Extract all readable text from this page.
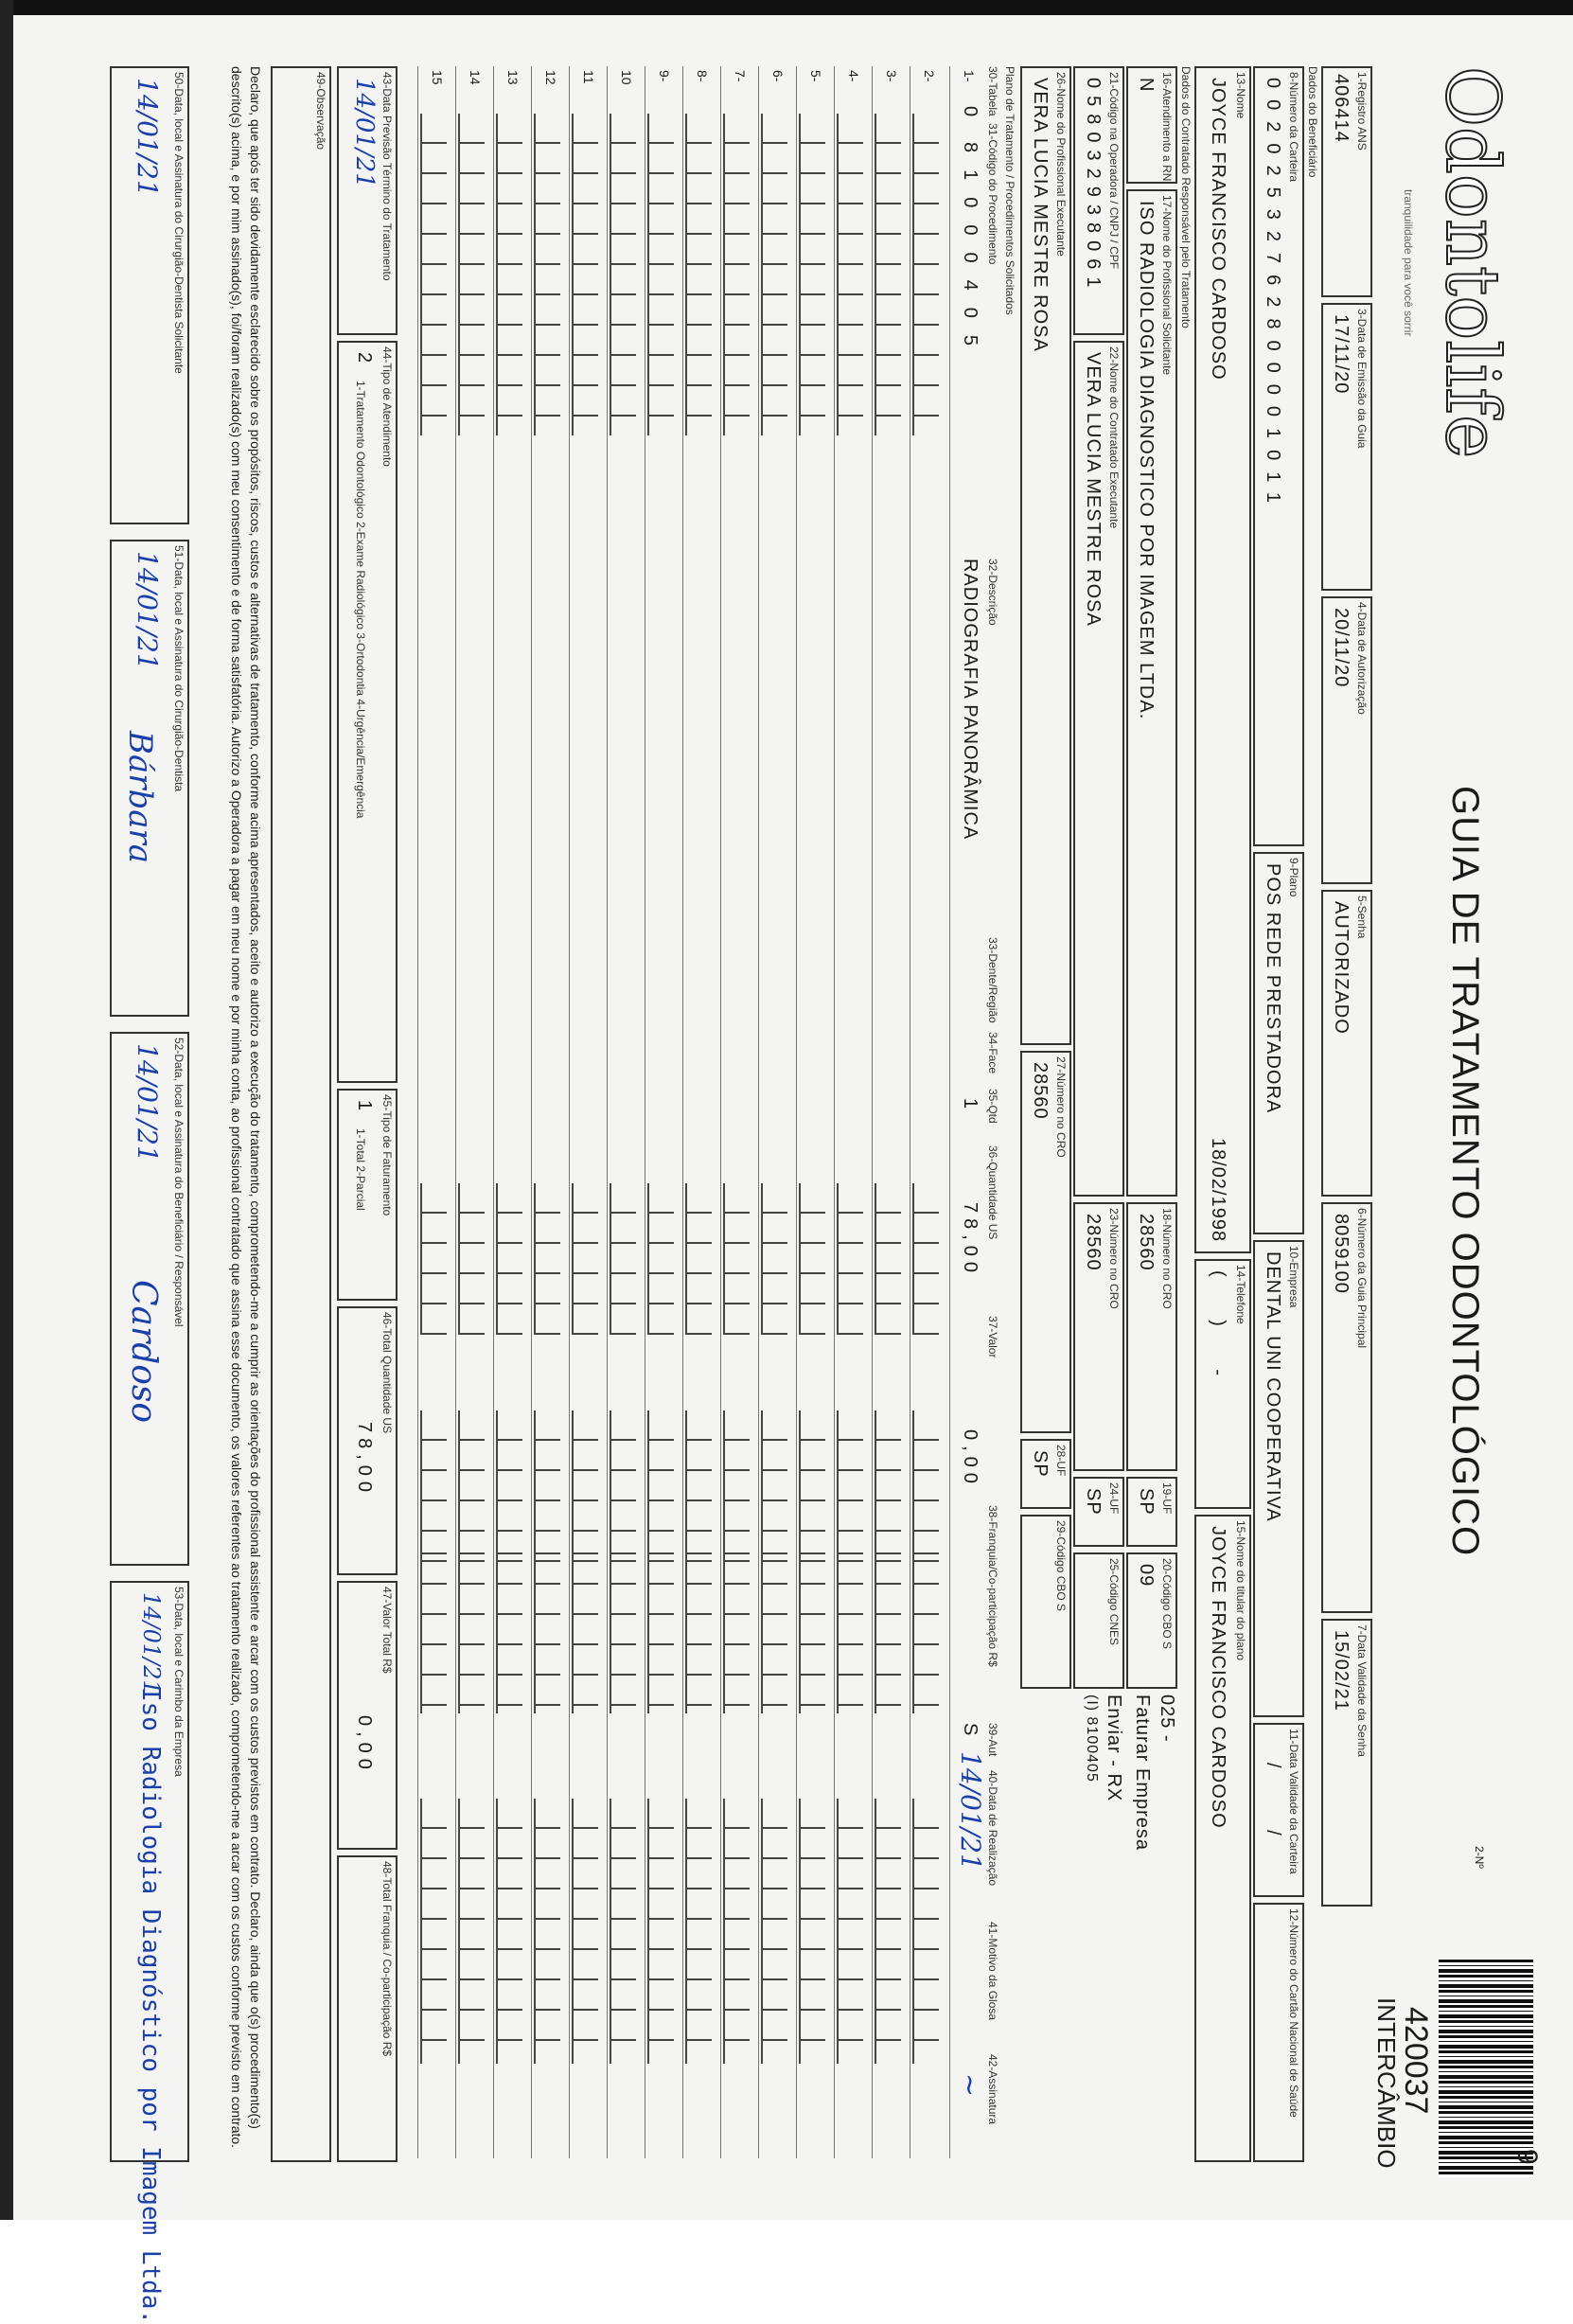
Odontolife
tranquilidade para você sorrir
GUIA DE TRATAMENTO ODONTOLÓGICO
2-Nº
420037
INTERCÂMBIO
1-Registro ANS
406414
3-Data de Emissão da Guia
17/11/20
4-Data de Autorização
20/11/20
5-Senha
AUTORIZADO
6-Número da Guia Principal
8059100
7-Data Validade da Senha
15/02/21
Dados do Beneficiário
8-Número da Carteira
00202532762800001011
9-Plano
POS REDE PRESTADORA
10-Empresa
DENTAL UNI COOPERATIVA
11-Data Validade da Carteira
/ /
12-Número do Cartão Nacional de Saúde
13-Nome
JOYCE FRANCISCO CARDOSO
18/02/1998
14-Telefone
( ) -
15-Nome do titular do plano
JOYCE FRANCISCO CARDOSO
Dados do Contratado Responsável pelo Tratamento
16-Atendimento a RN
N
17-Nome do Profissional Solicitante
ISO RADIOLOGIA DIAGNOSTICO POR IMAGEM LTDA.
18-Número no CRO
28560
19-UF
SP
20-Código CBO S
09
025 -
Faturar Empresa
21-Código na Operadora / CNPJ / CPF
058032938061
22-Nome do Contratado Executante
VERA LUCIA MESTRE ROSA
23-Número no CRO
28560
24-UF
SP
25-Código CNES
Enviar - RX
(I) 8100405
26-Nome do Profissional Executante
VERA LUCIA MESTRE ROSA
27-Número no CRO
28560
28-UF
SP
29-Código CBO S
Plano de Tratamento / Procedimentos Solicitados
30-Tabela
31-Código do Procedimento
32-Descrição
33-Dente/Região
34-Face
35-Qtd
36-Quantidade US
37-Valor
38-Franquia/Co-participação R$
39-Aut
40-Data de Realização
41-Motivo da Glosa
42-Assinatura
1-
0
81000405
RADIOGRAFIA PANORÂMICA
1
78,00
0,00
S
14/01/21
~
2-
3-
4-
5-
6-
7-
8-
9-
10
11
12
13
14
15
43-Data Previsão Término do Tratamento
14/01/21
44-Tipo de Atendimento
2
1-Tratamento Odontológico 2-Exame Radiológico 3-Ortodontia 4-Urgência/Emergência
45-Tipo de Faturamento
1
1-Total 2-Parcial
46-Total Quantidade US
78,00
47-Valor Total R$
0,00
48-Total Franquia / Co-participação R$
49-Observação
Declaro, que após ter sido devidamente esclarecido sobre os propósitos, riscos, custos e alternativas de tratamento, conforme acima apresentados, aceito e autorizo a execução do tratamento, comprometendo-me a cumprir as orientações do profissional assistente e arcar com os custos previstos em contrato. Declaro, ainda que o(s) procedimento(s) descrito(s) acima, e por mim assinado(s), foi/foram realizado(s) com meu consentimento e de forma satisfatória. Autorizo a Operadora a pagar em meu nome e por minha conta, ao profissional contratado que assina esse documento, os valores referentes ao tratamento realizado, comprometendo-me a arcar com os custos conforme previsto em contrato.
50-Data, local e Assinatura do Cirurgião-Dentista Solicitante
14/01/21
51-Data, local e Assinatura do Cirurgião-Dentista
14/01/21
Bárbara
52-Data, local e Assinatura do Beneficiário / Responsável
14/01/21
Cardoso
53-Data, local e Carimbo da Empresa
14/01/21
Iso Radiologia Diagnóstico por Imagem Ltda.	9
